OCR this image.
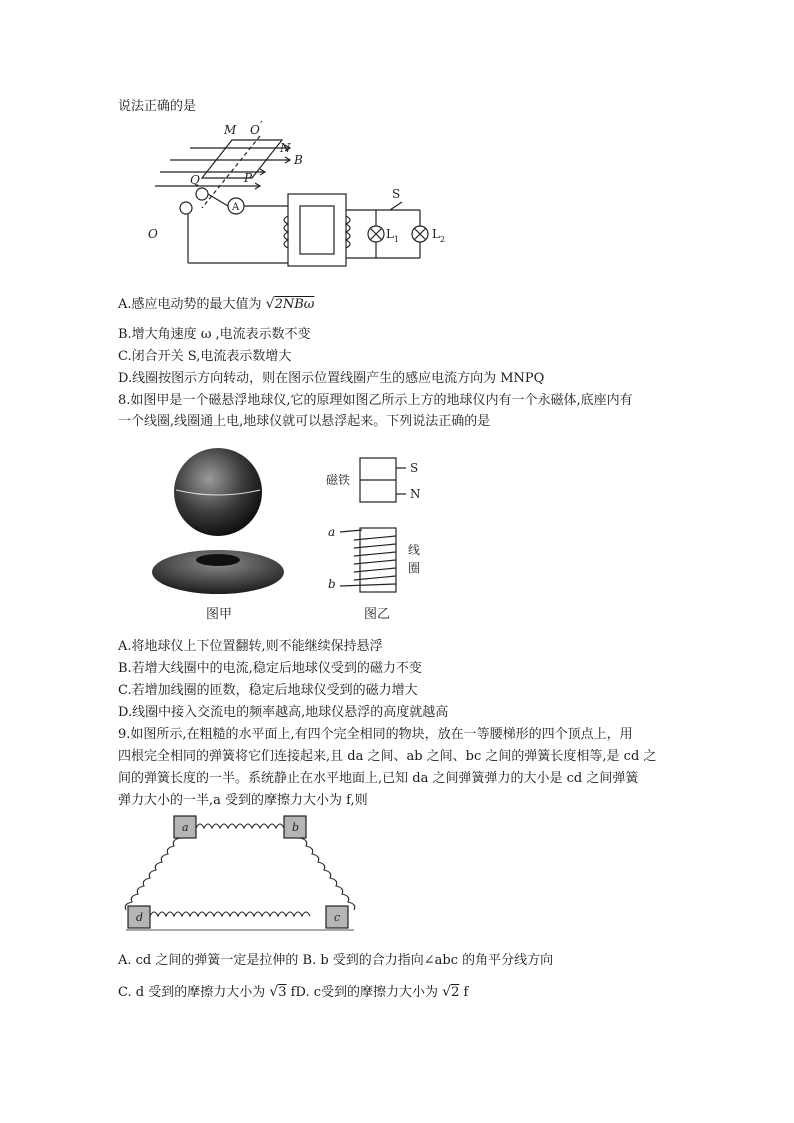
说法正确的是
M O ′
N
B
Q	P
O
A
S
L 1	L 2
A.感应电动势的最大值为 √2NBω
B.增大角速度 ω ,电流表示数不变
C.闭合开关 S,电流表示数增大
D.线圈按图示方向转动，则在图示位置线圈产生的感应电流方向为 MNPQ
8.如图甲是一个磁悬浮地球仪,它的原理如图乙所示上方的地球仪内有一个永磁体,底座内有
一个线圈,线圈通上电,地球仪就可以悬浮起来。下列说法正确的是
图甲
磁铁
S
N
a
b
线
圈
图乙
A.将地球仪上下位置翻转,则不能继续保持悬浮
B.若增大线圈中的电流,稳定后地球仪受到的磁力不变
C.若增加线圈的匝数，稳定后地球仪受到的磁力增大
D.线圈中接入交流电的频率越高,地球仪悬浮的高度就越高
9.如图所示,在粗糙的水平面上,有四个完全相同的物块，放在一等腰梯形的四个顶点上，用
四根完全相同的弹簧将它们连接起来,且 da 之间、ab 之间、bc 之间的弹簧长度相等,是 cd 之
间的弹簧长度的一半。系统静止在水平地面上,已知 da 之间弹簧弹力的大小是 cd 之间弹簧
弹力大小的一半,a 受到的摩擦力大小为 f,则
a	b
c
d
A. cd 之间的弹簧一定是拉伸的 B. b 受到的合力指向∠abc 的角平分线方向
C. d 受到的摩擦力大小为 √3 fD. c受到的摩擦力大小为 √2 f
